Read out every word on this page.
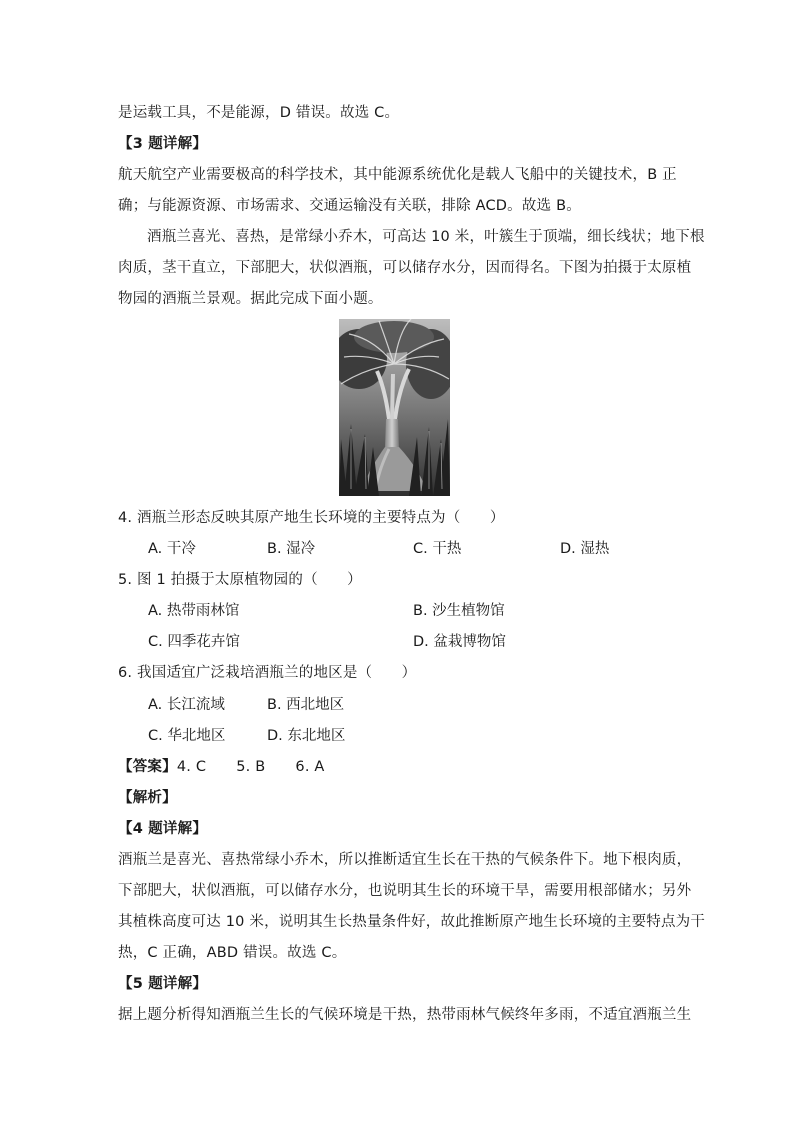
是运载工具，不是能源，D 错误。故选 C。
【3 题详解】
航天航空产业需要极高的科学技术，其中能源系统优化是载人飞船中的关键技术，B 正
确；与能源资源、市场需求、交通运输没有关联，排除 ACD。故选 B。
酒瓶兰喜光、喜热，是常绿小乔木，可高达 10 米，叶簇生于顶端，细长线状；地下根
肉质，茎干直立，下部肥大，状似酒瓶，可以储存水分，因而得名。下图为拍摄于太原植
物园的酒瓶兰景观。据此完成下面小题。
4. 酒瓶兰形态反映其原产地生长环境的主要特点为（　　）
A. 干冷	B. 湿冷	C. 干热	D. 湿热
5. 图 1 拍摄于太原植物园的（　　）
A. 热带雨林馆	B. 沙生植物馆
C. 四季花卉馆	D. 盆栽博物馆
6. 我国适宜广泛栽培酒瓶兰的地区是（　　）
A. 长江流域	B. 西北地区
C. 华北地区	D. 东北地区
【答案】4. C 5. B 6. A
【解析】
【4 题详解】
酒瓶兰是喜光、喜热常绿小乔木，所以推断适宜生长在干热的气候条件下。地下根肉质，
下部肥大，状似酒瓶，可以储存水分，也说明其生长的环境干旱，需要用根部储水；另外
其植株高度可达 10 米，说明其生长热量条件好，故此推断原产地生长环境的主要特点为干
热，C 正确，ABD 错误。故选 C。
【5 题详解】
据上题分析得知酒瓶兰生长的气候环境是干热，热带雨林气候终年多雨，不适宜酒瓶兰生
